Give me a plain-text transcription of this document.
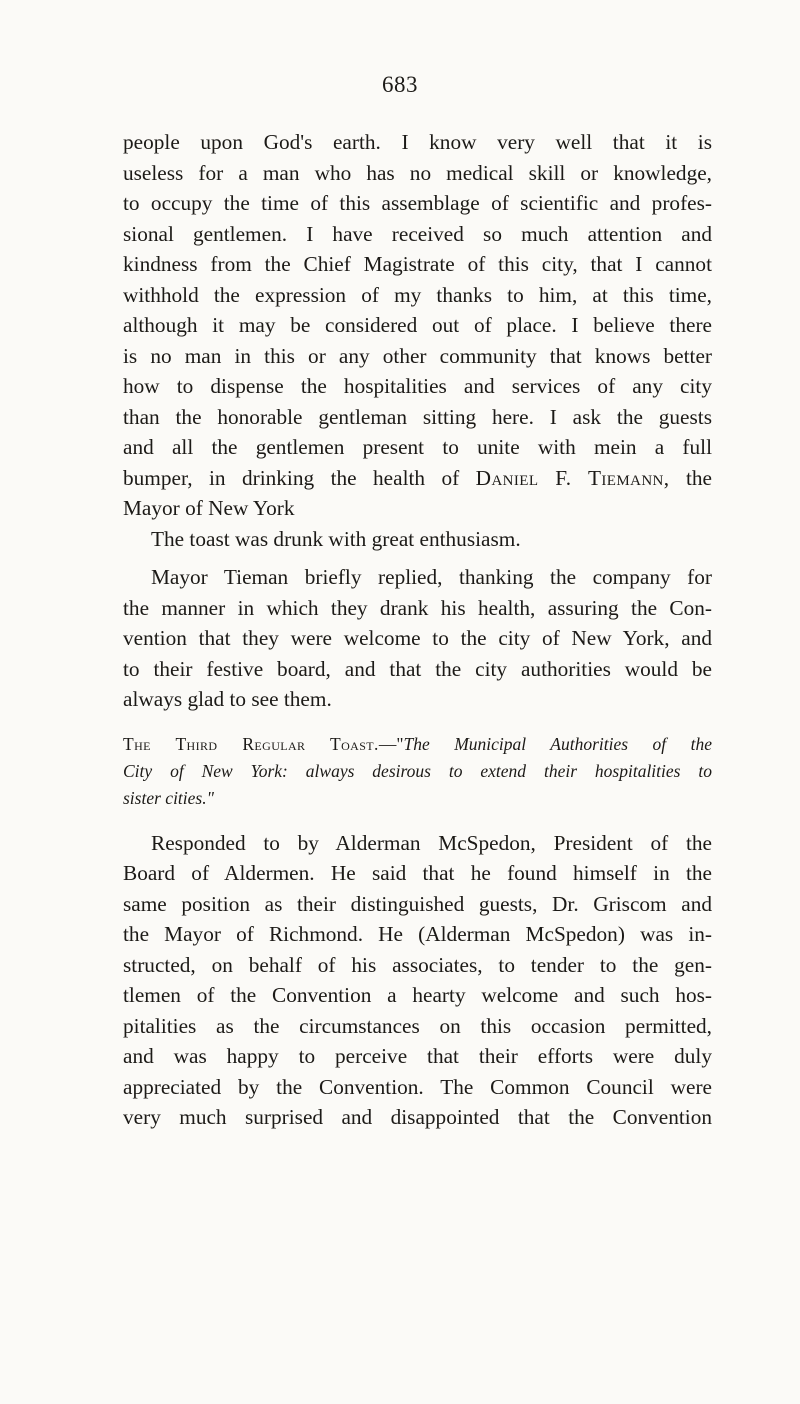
683
people upon God's earth. I know very well that it is
useless for a man who has no medical skill or knowledge,
to occupy the time of this assemblage of scientific and profes-
sional gentlemen. I have received so much attention and
kindness from the Chief Magistrate of this city, that I cannot
withhold the expression of my thanks to him, at this time,
although it may be considered out of place. I believe there
is no man in this or any other community that knows better
how to dispense the hospitalities and services of any city
than the honorable gentleman sitting here. I ask the guests
and all the gentlemen present to unite with mein a full
bumper, in drinking the health of Daniel F. Tiemann, the
Mayor of New York
The toast was drunk with great enthusiasm.
Mayor Tieman briefly replied, thanking the company for
the manner in which they drank his health, assuring the Con-
vention that they were welcome to the city of New York, and
to their festive board, and that the city authorities would be
always glad to see them.
The Third Regular Toast.—"The Municipal Authorities of the
City of New York: always desirous to extend their hospitalities to
sister cities."
Responded to by Alderman McSpedon, President of the
Board of Aldermen. He said that he found himself in the
same position as their distinguished guests, Dr. Griscom and
the Mayor of Richmond. He (Alderman McSpedon) was in-
structed, on behalf of his associates, to tender to the gen-
tlemen of the Convention a hearty welcome and such hos-
pitalities as the circumstances on this occasion permitted,
and was happy to perceive that their efforts were duly
appreciated by the Convention. The Common Council were
very much surprised and disappointed that the Convention
